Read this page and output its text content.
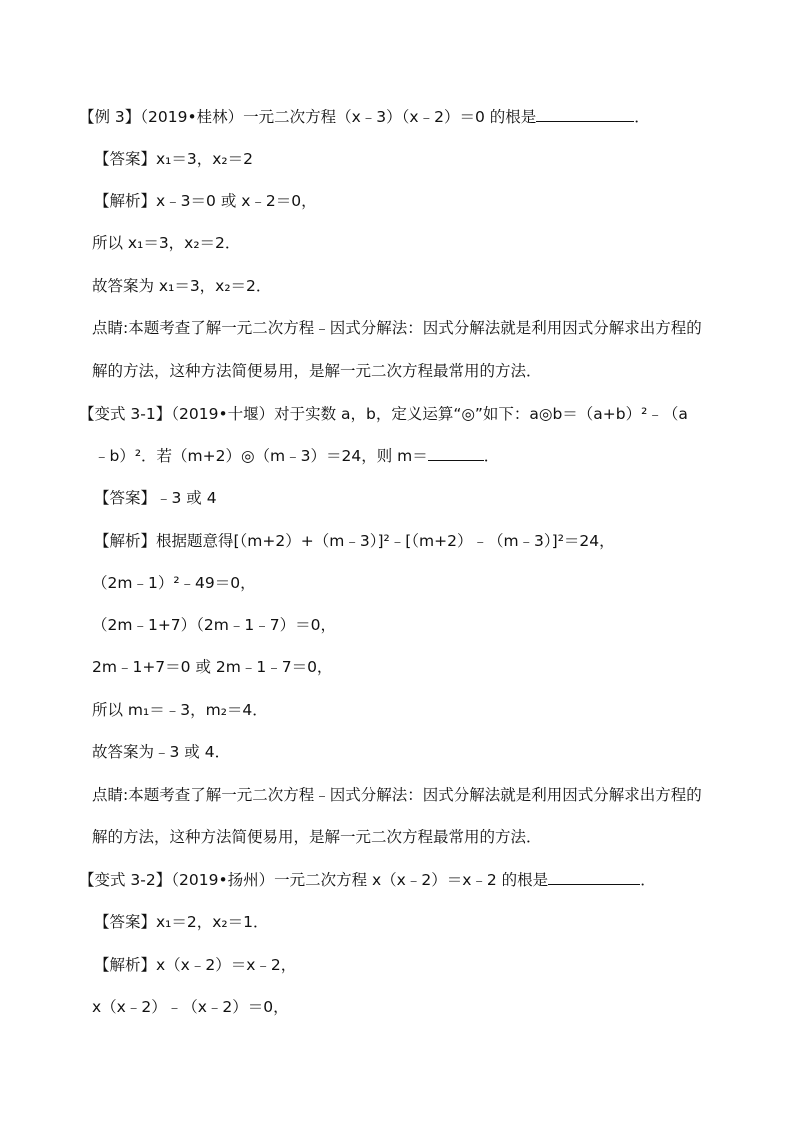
【例 3】（2019•桂林）一元二次方程（x﹣3）（x﹣2）＝0 的根是	．
【答案】x₁＝3，x₂＝2
【解析】x﹣3＝0 或 x﹣2＝0，
所以 x₁＝3，x₂＝2．
故答案为 x₁＝3，x₂＝2．
点睛:本题考查了解一元二次方程﹣因式分解法：因式分解法就是利用因式分解求出方程的
解的方法，这种方法简便易用，是解一元二次方程最常用的方法．
【变式 3-1】（2019•十堰）对于实数 a，b，定义运算“◎”如下：a◎b＝（a+b）²﹣（a
﹣b）²．若（m+2）◎（m﹣3）＝24，则 m＝	．
【答案】﹣3 或 4
【解析】根据题意得[（m+2）+（m﹣3）]²﹣[（m+2）﹣（m﹣3）]²＝24，
（2m﹣1）²﹣49＝0，
（2m﹣1+7）（2m﹣1﹣7）＝0，
2m﹣1+7＝0 或 2m﹣1﹣7＝0，
所以 m₁＝﹣3，m₂＝4．
故答案为﹣3 或 4．
点睛:本题考查了解一元二次方程﹣因式分解法：因式分解法就是利用因式分解求出方程的
解的方法，这种方法简便易用，是解一元二次方程最常用的方法．
【变式 3-2】（2019•扬州）一元二次方程 x（x﹣2）＝x﹣2 的根是	．
【答案】x₁＝2，x₂＝1．
【解析】x（x﹣2）＝x﹣2，
x（x﹣2）﹣（x﹣2）＝0，
